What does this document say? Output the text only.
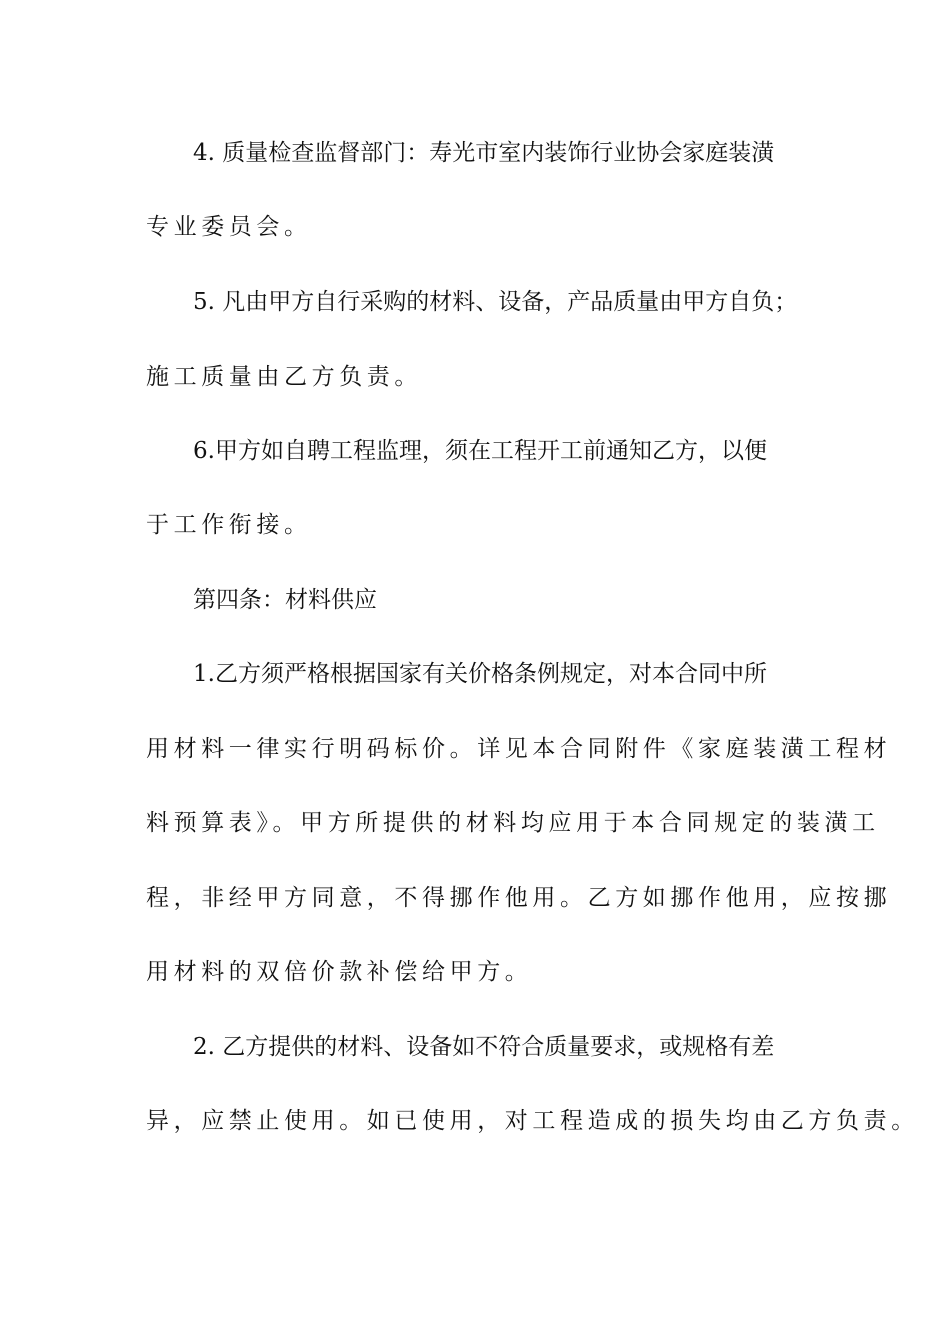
4. 质量检查监督部门：寿光市室内装饰行业协会家庭装潢
专业委员会。
5. 凡由甲方自行采购的材料、设备，产品质量由甲方自负；
施工质量由乙方负责。
6.甲方如自聘工程监理，须在工程开工前通知乙方，以便
于工作衔接。
第四条：材料供应
1.乙方须严格根据国家有关价格条例规定，对本合同中所
用材料一律实行明码标价。详见本合同附件《家庭装潢工程材
料预算表》。甲方所提供的材料均应用于本合同规定的装潢工
程，非经甲方同意，不得挪作他用。乙方如挪作他用，应按挪
用材料的双倍价款补偿给甲方。
2. 乙方提供的材料、设备如不符合质量要求，或规格有差
异，应禁止使用。如已使用，对工程造成的损失均由乙方负责。
